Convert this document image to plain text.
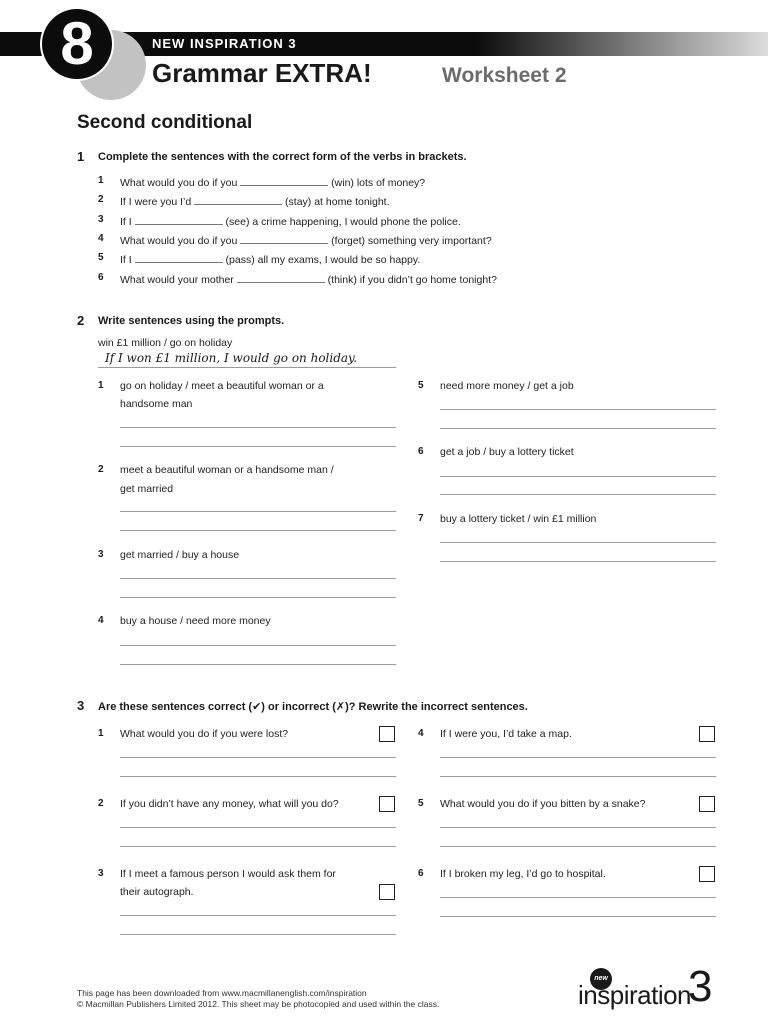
NEW INSPIRATION 3
8	Grammar EXTRA!	Worksheet 2
Second conditional
1 Complete the sentences with the correct form of the verbs in brackets.
1 What would you do if you	(win) lots of money?
2 If I were you I’d	(stay) at home tonight.
3 If I	(see) a crime happening, I would phone the police.
4 What would you do if you	(forget) something very important?
5 If I	(pass) all my exams, I would be so happy.
6 What would your mother	(think) if you didn’t go home tonight?
2 Write sentences using the prompts.
win £1 million / go on holiday
If I won £1 million, I would go on holiday.
1 go on holiday / meet a beautiful woman or a
handsome man
2 meet a beautiful woman or a handsome man /
get married
3 get married / buy a house
4 buy a house / need more money
5 need more money / get a job
6 get a job / buy a lottery ticket
7 buy a lottery ticket / win £1 million
3 Are these sentences correct (✔) or incorrect (✗)? Rewrite the incorrect sentences.
1 What would you do if you were lost?
2 If you didn’t have any money, what will you do?
3 If I meet a famous person I would ask them for
their autograph.
4 If I were you, I’d take a map.
5 What would you do if you bitten by a snake?
6 If I broken my leg, I’d go to hospital.
This page has been downloaded from www.macmillanenglish.com/inspiration
© Macmillan Publishers Limited 2012. This sheet may be photocopied and used within the class.
new
inspiration
3
